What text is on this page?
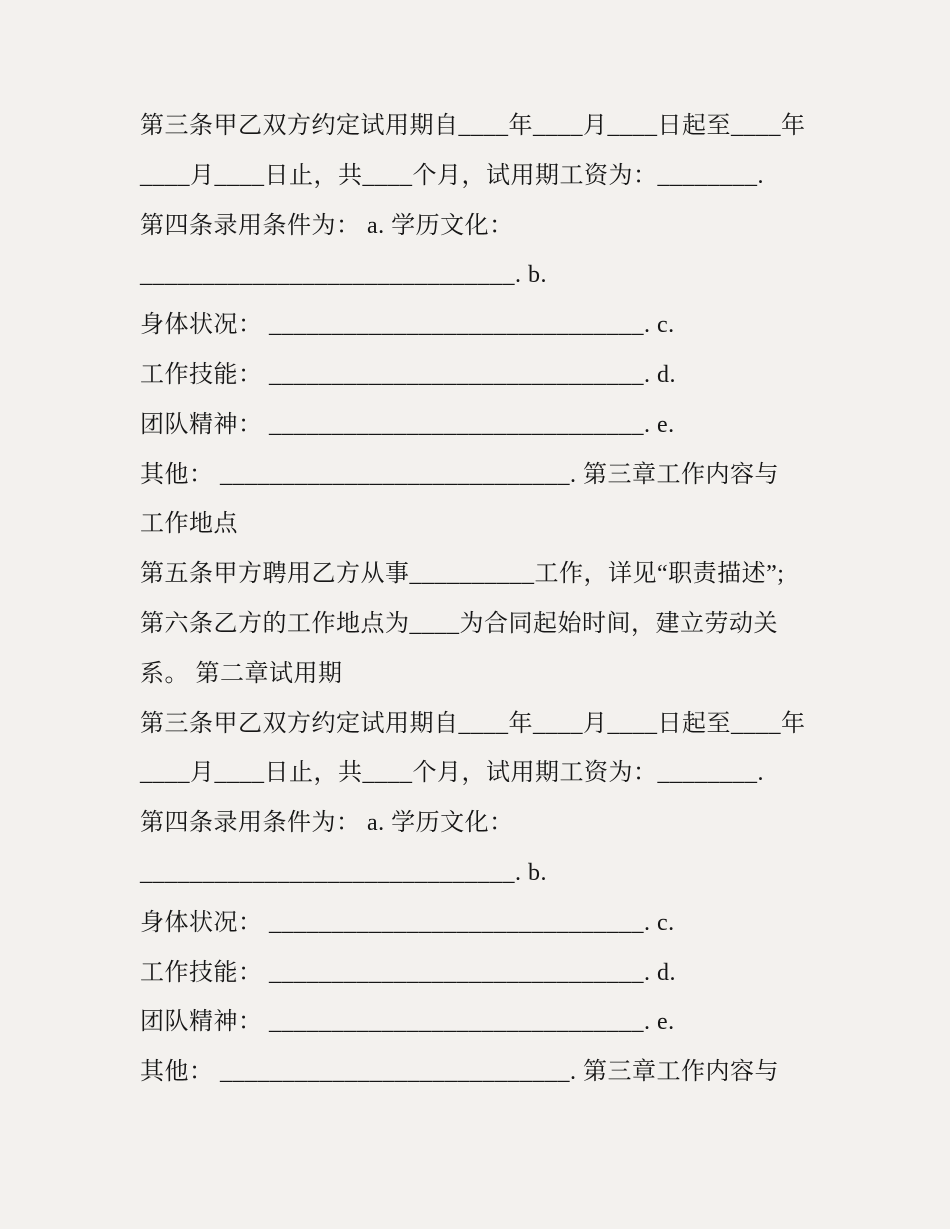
第三条甲乙双方约定试用期自____年____月____日起至____年
____月____日止，共____个月，试用期工资为：________.
第四条录用条件为： a. 学历文化：
______________________________. b.
身体状况： ______________________________. c.
工作技能： ______________________________. d.
团队精神： ______________________________. e.
其他： ____________________________. 第三章工作内容与
工作地点
第五条甲方聘用乙方从事__________工作，详见“职责描述”;
第六条乙方的工作地点为____为合同起始时间，建立劳动关
系。 第二章试用期
第三条甲乙双方约定试用期自____年____月____日起至____年
____月____日止，共____个月，试用期工资为：________.
第四条录用条件为： a. 学历文化：
______________________________. b.
身体状况： ______________________________. c.
工作技能： ______________________________. d.
团队精神： ______________________________. e.
其他： ____________________________. 第三章工作内容与
